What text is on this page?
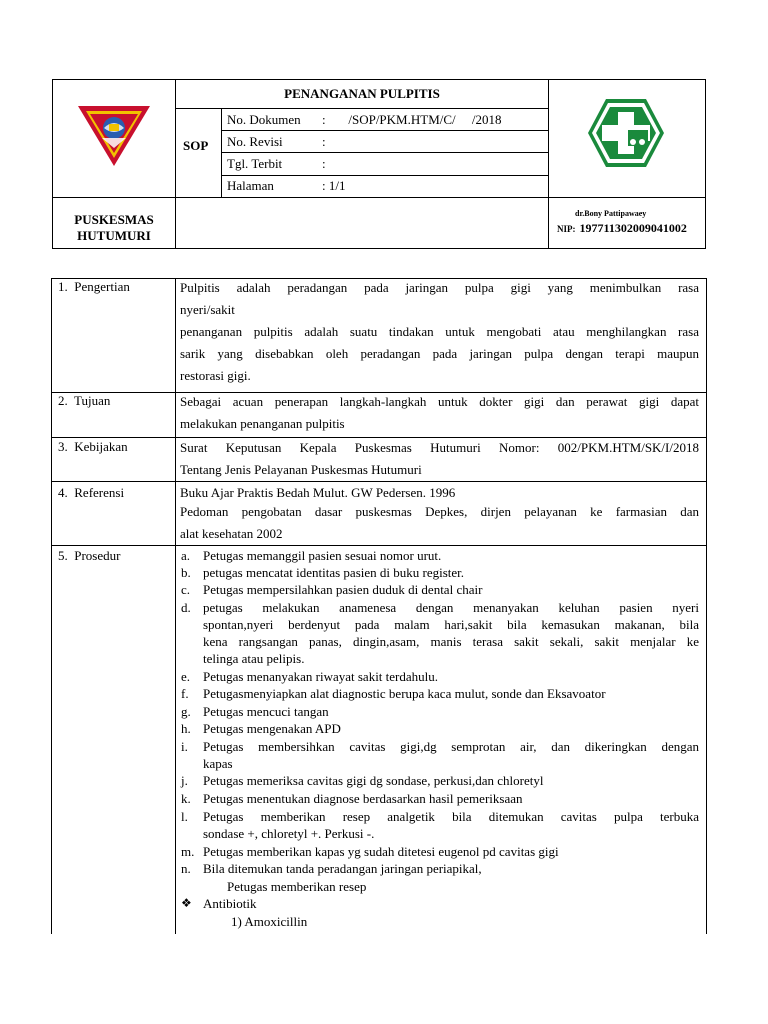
PENANGANAN PULPITIS
SOP
No. Dokumen :       /SOP/PKM.HTM/C/     /2018
No. Revisi	:
Tgl. Terbit	:
Halaman	: 1/1
PUSKESMAS
HUTUMURI
dr.Bony Pattipawaey
NIP: 197711302009041002
1.  Pengertian	Pulpitis adalah peradangan pada jaringan pulpa gigi yang menimbulkan rasa
nyeri/sakit
penanganan pulpitis adalah suatu tindakan untuk mengobati atau menghilangkan rasa
sarik yang disebabkan oleh peradangan pada jaringan pulpa dengan terapi maupun
restorasi gigi.
2.  Tujuan	Sebagai acuan penerapan langkah-langkah untuk dokter gigi dan perawat gigi dapat
melakukan penanganan pulpitis
3.  Kebijakan	Surat Keputusan Kepala Puskesmas Hutumuri Nomor: 002/PKM.HTM/SK/I/2018
Tentang Jenis Pelayanan Puskesmas Hutumuri
4.  Referensi	Buku Ajar Praktis Bedah Mulut. GW Pedersen. 1996
Pedoman pengobatan dasar puskesmas Depkes, dirjen pelayanan ke farmasian dan
alat kesehatan 2002
5.  Prosedur	a. Petugas memanggil pasien sesuai nomor urut.
b. petugas mencatat identitas pasien di buku register.
c. Petugas mempersilahkan pasien duduk di dental chair
d. petugas melakukan anamenesa dengan menanyakan keluhan pasien nyeri
spontan,nyeri berdenyut pada malam hari,sakit bila kemasukan makanan, bila
kena rangsangan panas, dingin,asam, manis terasa sakit sekali, sakit menjalar ke
telinga atau pelipis.
e. Petugas menanyakan riwayat sakit terdahulu.
f. Petugasmenyiapkan alat diagnostic berupa kaca mulut, sonde dan Eksavoator
g. Petugas mencuci tangan
h. Petugas mengenakan APD
i. Petugas membersihkan cavitas gigi,dg semprotan air, dan dikeringkan dengan
kapas
j. Petugas memeriksa cavitas gigi dg sondase, perkusi,dan chloretyl
k. Petugas menentukan diagnose berdasarkan hasil pemeriksaan
l. Petugas memberikan resep analgetik bila ditemukan cavitas pulpa terbuka
sondase +, chloretyl +. Perkusi -.
m. Petugas memberikan kapas yg sudah ditetesi eugenol pd cavitas gigi
n. Bila ditemukan tanda peradangan jaringan periapikal,
Petugas memberikan resep
❖ Antibiotik
1) Amoxicillin
